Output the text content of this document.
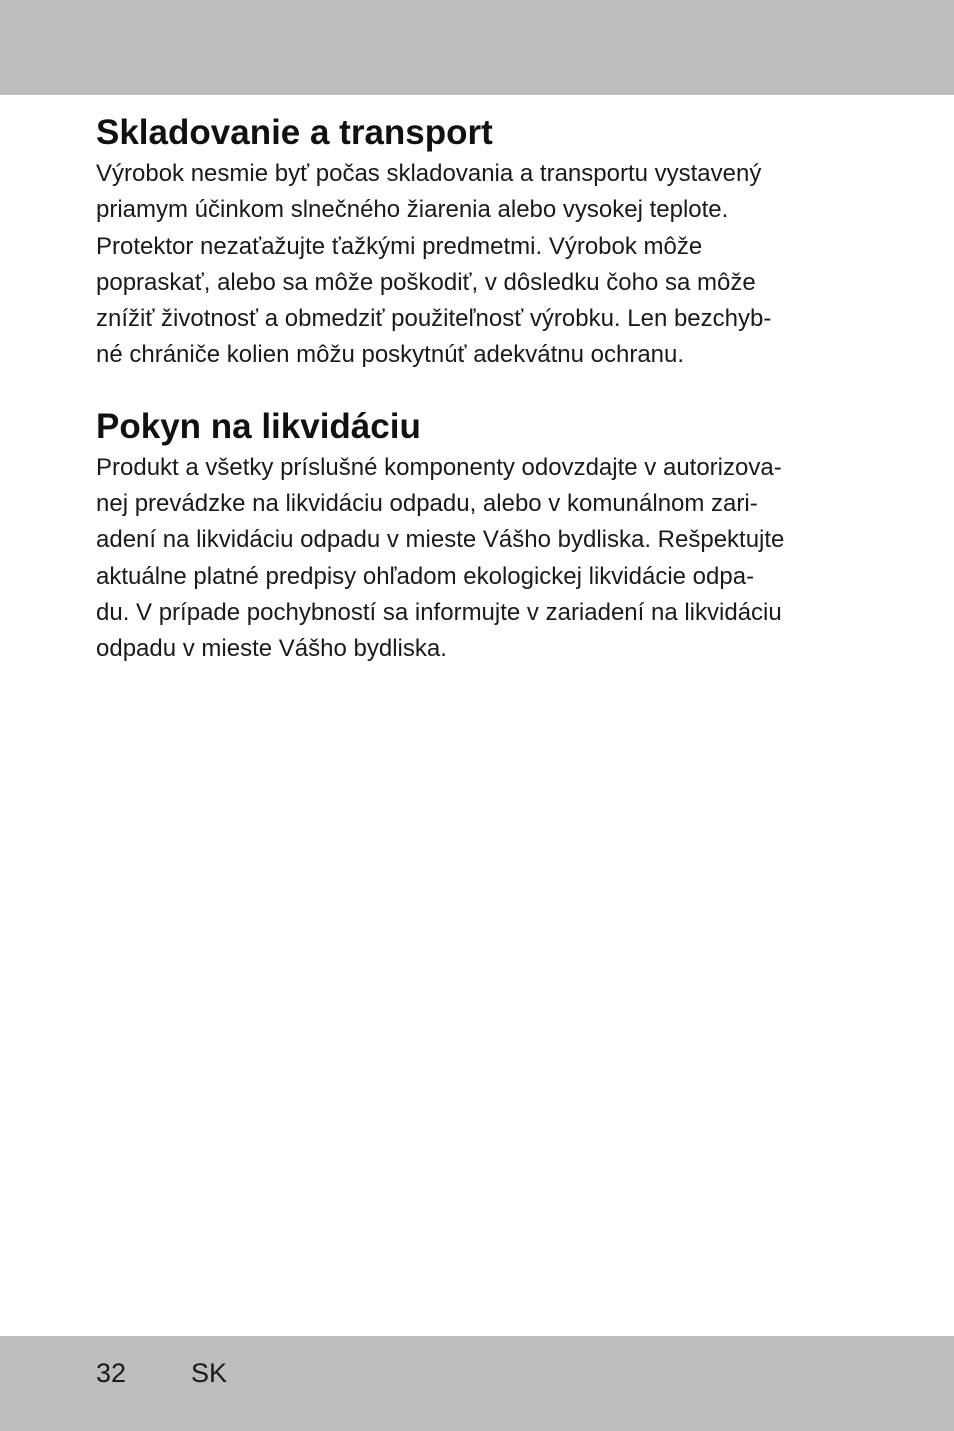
Skladovanie a transport
Výrobok nesmie byť počas skladovania a transportu vystavený
priamym účinkom slnečného žiarenia alebo vysokej teplote.
Protektor nezaťažujte ťažkými predmetmi. Výrobok môže
popraskať, alebo sa môže poškodiť, v dôsledku čoho sa môže
znížiť životnosť a obmedziť použiteľnosť výrobku. Len bezchyb-
né chrániče kolien môžu poskytnúť adekvátnu ochranu.
Pokyn na likvidáciu
Produkt a všetky príslušné komponenty odovzdajte v autorizova-
nej prevádzke na likvidáciu odpadu, alebo v komunálnom zari-
adení na likvidáciu odpadu v mieste Vášho bydliska. Rešpektujte
aktuálne platné predpisy ohľadom ekologickej likvidácie odpa-
du. V prípade pochybností sa informujte v zariadení na likvidáciu
odpadu v mieste Vášho bydliska.
32 SK
